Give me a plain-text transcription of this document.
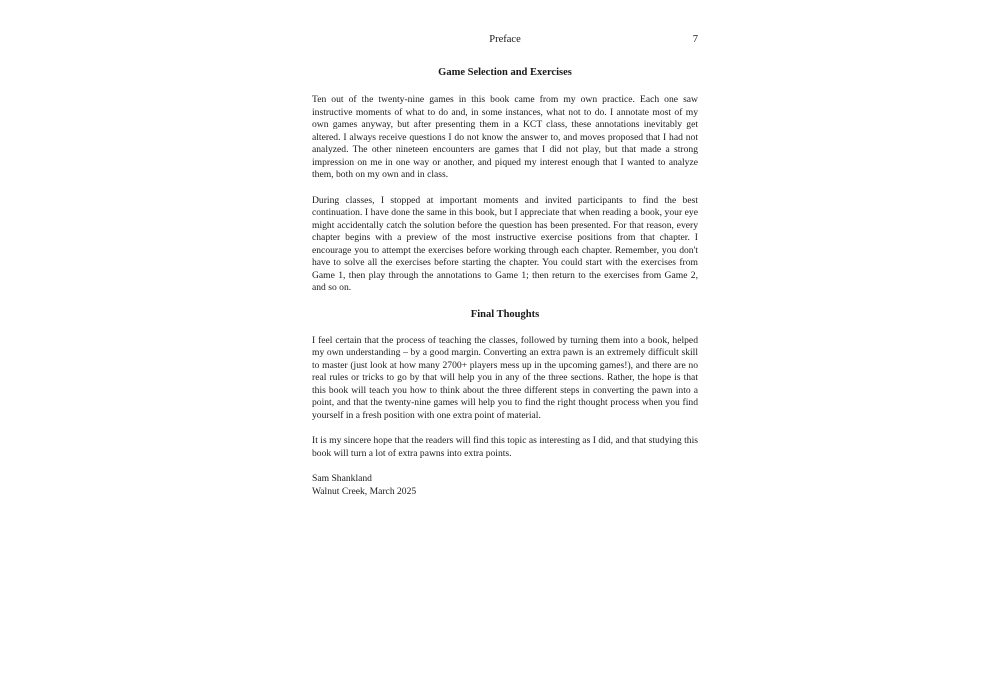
Preface	7
Game Selection and Exercises

Ten out of the twenty-nine games in this book came from my own practice. Each one saw instructive moments of what to do and, in some instances, what not to do. I annotate most of my own games anyway, but after presenting them in a KCT class, these annotations inevitably get altered. I always receive questions I do not know the answer to, and moves proposed that I had not analyzed. The other nineteen encounters are games that I did not play, but that made a strong impression on me in one way or another, and piqued my interest enough that I wanted to analyze them, both on my own and in class.

During classes, I stopped at important moments and invited participants to find the best continuation. I have done the same in this book, but I appreciate that when reading a book, your eye might accidentally catch the solution before the question has been presented. For that reason, every chapter begins with a preview of the most instructive exercise positions from that chapter. I encourage you to attempt the exercises before working through each chapter. Remember, you don't have to solve all the exercises before starting the chapter. You could start with the exercises from Game 1, then play through the annotations to Game 1; then return to the exercises from Game 2, and so on.

Final Thoughts

I feel certain that the process of teaching the classes, followed by turning them into a book, helped my own understanding – by a good margin. Converting an extra pawn is an extremely difficult skill to master (just look at how many 2700+ players mess up in the upcoming games!), and there are no real rules or tricks to go by that will help you in any of the three sections. Rather, the hope is that this book will teach you how to think about the three different steps in converting the pawn into a point, and that the twenty-nine games will help you to find the right thought process when you find yourself in a fresh position with one extra point of material.

It is my sincere hope that the readers will find this topic as interesting as I did, and that studying this book will turn a lot of extra pawns into extra points.

Sam Shankland
Walnut Creek, March 2025
